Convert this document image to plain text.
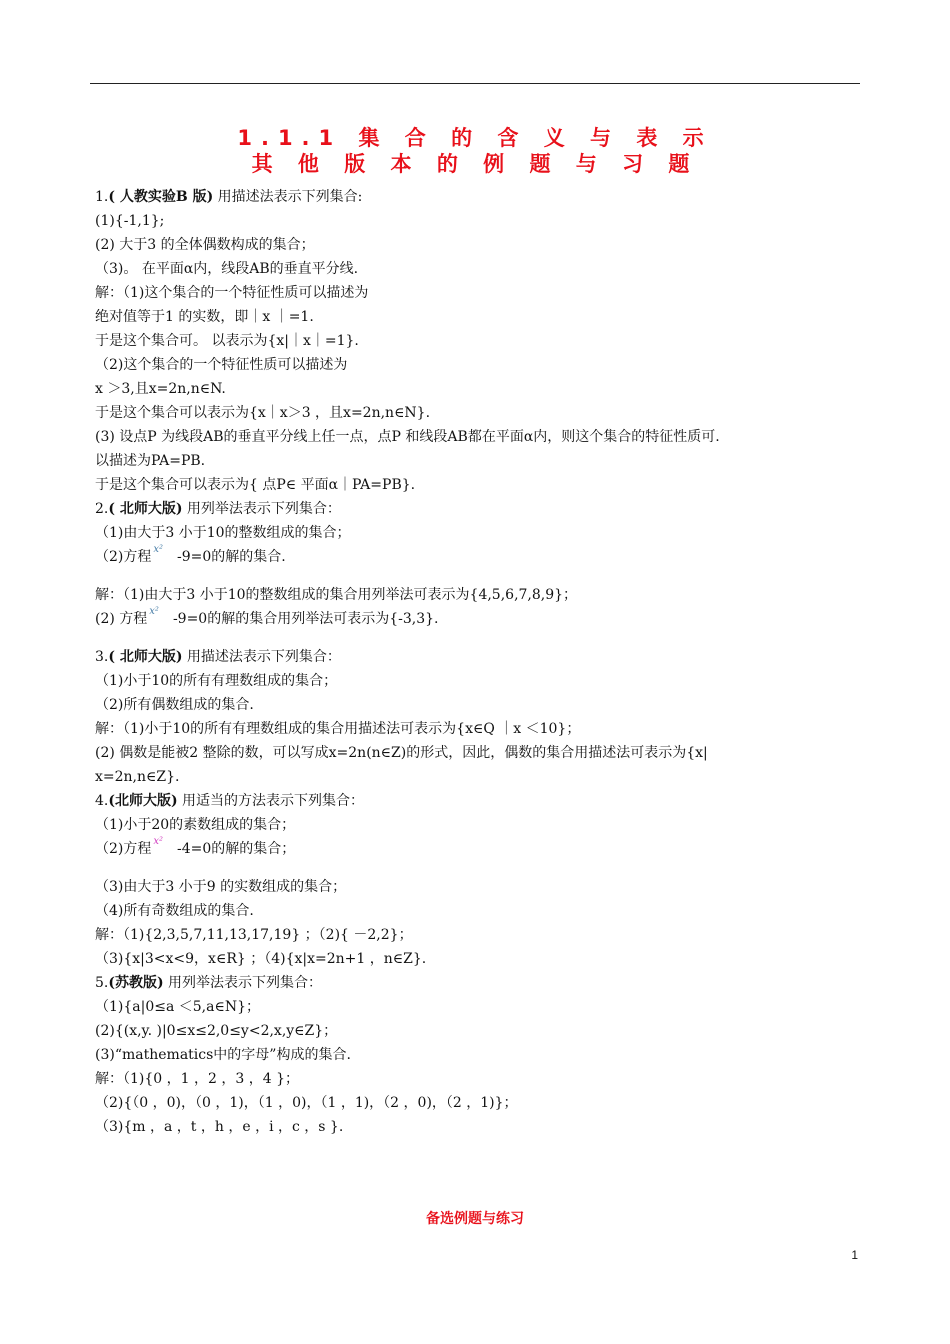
1.1.1 集 合 的 含 义 与 表 示
其 他 版 本 的 例 题 与 习 题
1.( 人教实验B 版) 用描述法表示下列集合:
(1){-1,1};
(2) 大于3 的全体偶数构成的集合；
（3)。 在平面α内，线段AB的垂直平分线.
解：（1)这个集合的一个特征性质可以描述为
绝对值等于1 的实数，即｜x ｜=1.
于是这个集合可。 以表示为{x|｜x｜=1}.
（2)这个集合的一个特征性质可以描述为
x ＞3,且x=2n,n∈N.
于是这个集合可以表示为{x｜x＞3 ，且x=2n,n∈N}.
(3) 设点P 为线段AB的垂直平分线上任一点，点P 和线段AB都在平面α内，则这个集合的特征性质可.
以描述为PA=PB.
于是这个集合可以表示为{ 点P∈ 平面α｜PA=PB}.
2.( 北师大版) 用列举法表示下列集合：
（1)由大于3 小于10的整数组成的集合；
（2)方程 $^{x^2}$ -9=0的解的集合.
解：（1)由大于3 小于10的整数组成的集合用列举法可表示为{4,5,6,7,8,9}；
(2) 方程 $^{x^2}$ -9=0的解的集合用列举法可表示为{-3,3}.
3.( 北师大版) 用描述法表示下列集合：
（1)小于10的所有有理数组成的集合；
（2)所有偶数组成的集合.
解：（1)小于10的所有有理数组成的集合用描述法可表示为{x∈Q ｜x ＜10}；
(2) 偶数是能被2 整除的数，可以写成x=2n(n∈Z)的形式，因此，偶数的集合用描述法可表示为{x|
x=2n,n∈Z}.
4.(北师大版) 用适当的方法表示下列集合：
（1)小于20的素数组成的集合；
（2)方程 $^{x^2}$ -4=0的解的集合；
（3)由大于3 小于9 的实数组成的集合；
（4)所有奇数组成的集合.
解：（1){2,3,5,7,11,13,17,19} ；（2){ －2,2}；
（3){x|3<x<9，x∈R} ；（4){x|x=2n+1 ，n∈Z}.
5.(苏教版) 用列举法表示下列集合：
（1){a|0≤a ＜5,a∈N}；
(2){(x,y. )|0≤x≤2,0≤y<2,x,y∈Z}；
(3)“mathematics中的字母”构成的集合.
解：（1){0 ，1 ，2 ，3 ，4 }；
（2){（0 ，0)，（0 ，1)，（1 ，0)，（1 ，1)，（2 ，0)，（2 ，1)}；
（3){m ，a ，t ，h ，e ，i ，c ，s }.
备选例题与练习
1
